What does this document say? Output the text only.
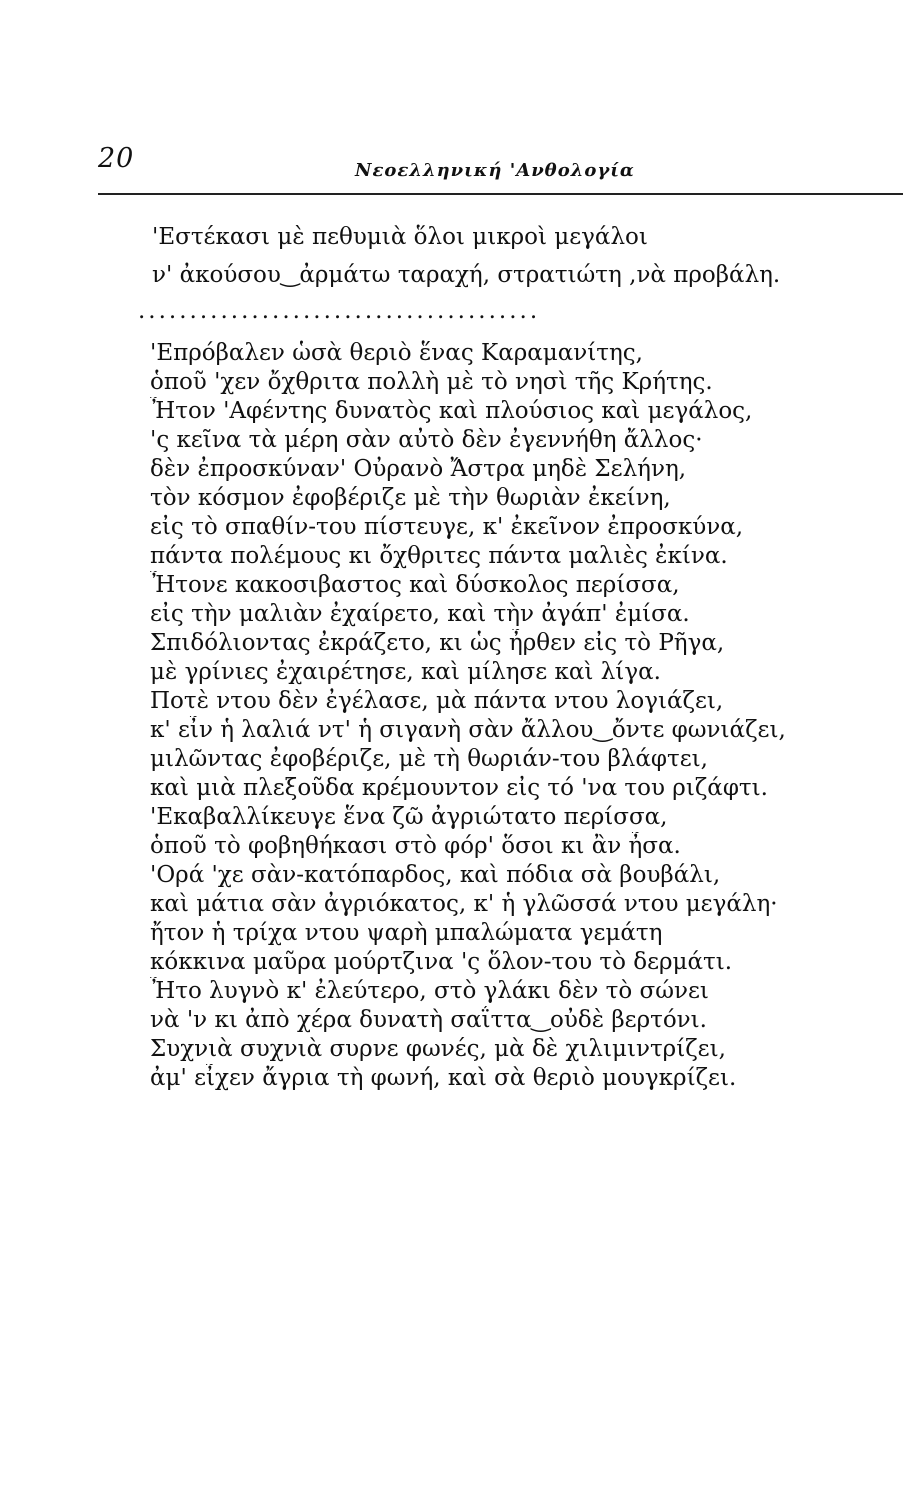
20	Νεοελληνική 'Ανθολογία
'Εστέκασι μὲ πεθυμιὰ ὅλοι μικροὶ μεγάλοι
ν' ἀκούσου‿ἀρμάτω ταραχή, στρατιώτη ,νὰ προβάλη.
.......................................
'Επρόβαλεν ὡσὰ θεριὸ ἕνας Καραμανίτης,
ὁποῦ 'χεν ὄχθριτα πολλὴ μὲ τὸ νησὶ τῆς Κρήτης.
Ἦτον 'Αφέντης δυνατὸς καὶ πλούσιος καὶ μεγάλος,
'ς κεῖνα τὰ μέρη σὰν αὐτὸ δὲν ἐγεννήθη ἄλλος·
δὲν ἐπροσκύναν' Οὐρανὸ Ἄστρα μηδὲ Σελήνη,
τὸν κόσμον ἐφοβέριζε μὲ τὴν θωριὰν ἐκείνη,
εἰς τὸ σπαθίν-του πίστευγε, κ' ἐκεῖνον ἐπροσκύνα,
πάντα πολέμους κι ὄχθριτες πάντα μαλιὲς ἐκίνα.
Ἦτονε κακοσιβαστος καὶ δύσκολος περίσσα,
εἰς τὴν μαλιὰν ἐχαίρετο, καὶ τὴν ἀγάπ' ἐμίσα.
Σπιδόλιοντας ἐκράζετο, κι ὡς ἦρθεν εἰς τὸ Ρῆγα,
μὲ γρίνιες ἐχαιρέτησε, καὶ μίλησε καὶ λίγα.
Ποτὲ ντου δὲν ἐγέλασε, μὰ πάντα ντου λογιάζει,
κ' εἶν ἡ λαλιά ντ' ἡ σιγανὴ σὰν ἄλλου‿ὄντε φωνιάζει,
μιλῶντας ἐφοβέριζε, μὲ τὴ θωριάν-του βλάφτει,
καὶ μιὰ πλεξοῦδα κρέμουντον εἰς τό 'να του ριζάφτι.
'Εκαβαλλίκευγε ἕνα ζῶ ἀγριώτατο περίσσα,
ὁποῦ τὸ φοβηθήκασι στὸ φόρ' ὅσοι κι ἂν ἦσα.
'Ορά 'χε σὰν-κατόπαρδος, καὶ πόδια σὰ βουβάλι,
καὶ μάτια σὰν ἀγριόκατος, κ' ἡ γλῶσσά ντου μεγάλη·
ἤτον ἡ τρίχα ντου ψαρὴ μπαλώματα γεμάτη
κόκκινα μαῦρα μούρτζινα 'ς ὅλον-του τὸ δερμάτι.
Ἦτο λυγνὸ κ' ἐλεύτερο, στὸ γλάκι δὲν τὸ σώνει
νὰ 'ν κι ἀπὸ χέρα δυνατὴ σαΐττα‿οὐδὲ βερτόνι.
Συχνιὰ συχνιὰ συρνε φωνές, μὰ δὲ χιλιμιντρίζει,
ἀμ' εἶχεν ἄγρια τὴ φωνή, καὶ σὰ θεριὸ μουγκρίζει.
